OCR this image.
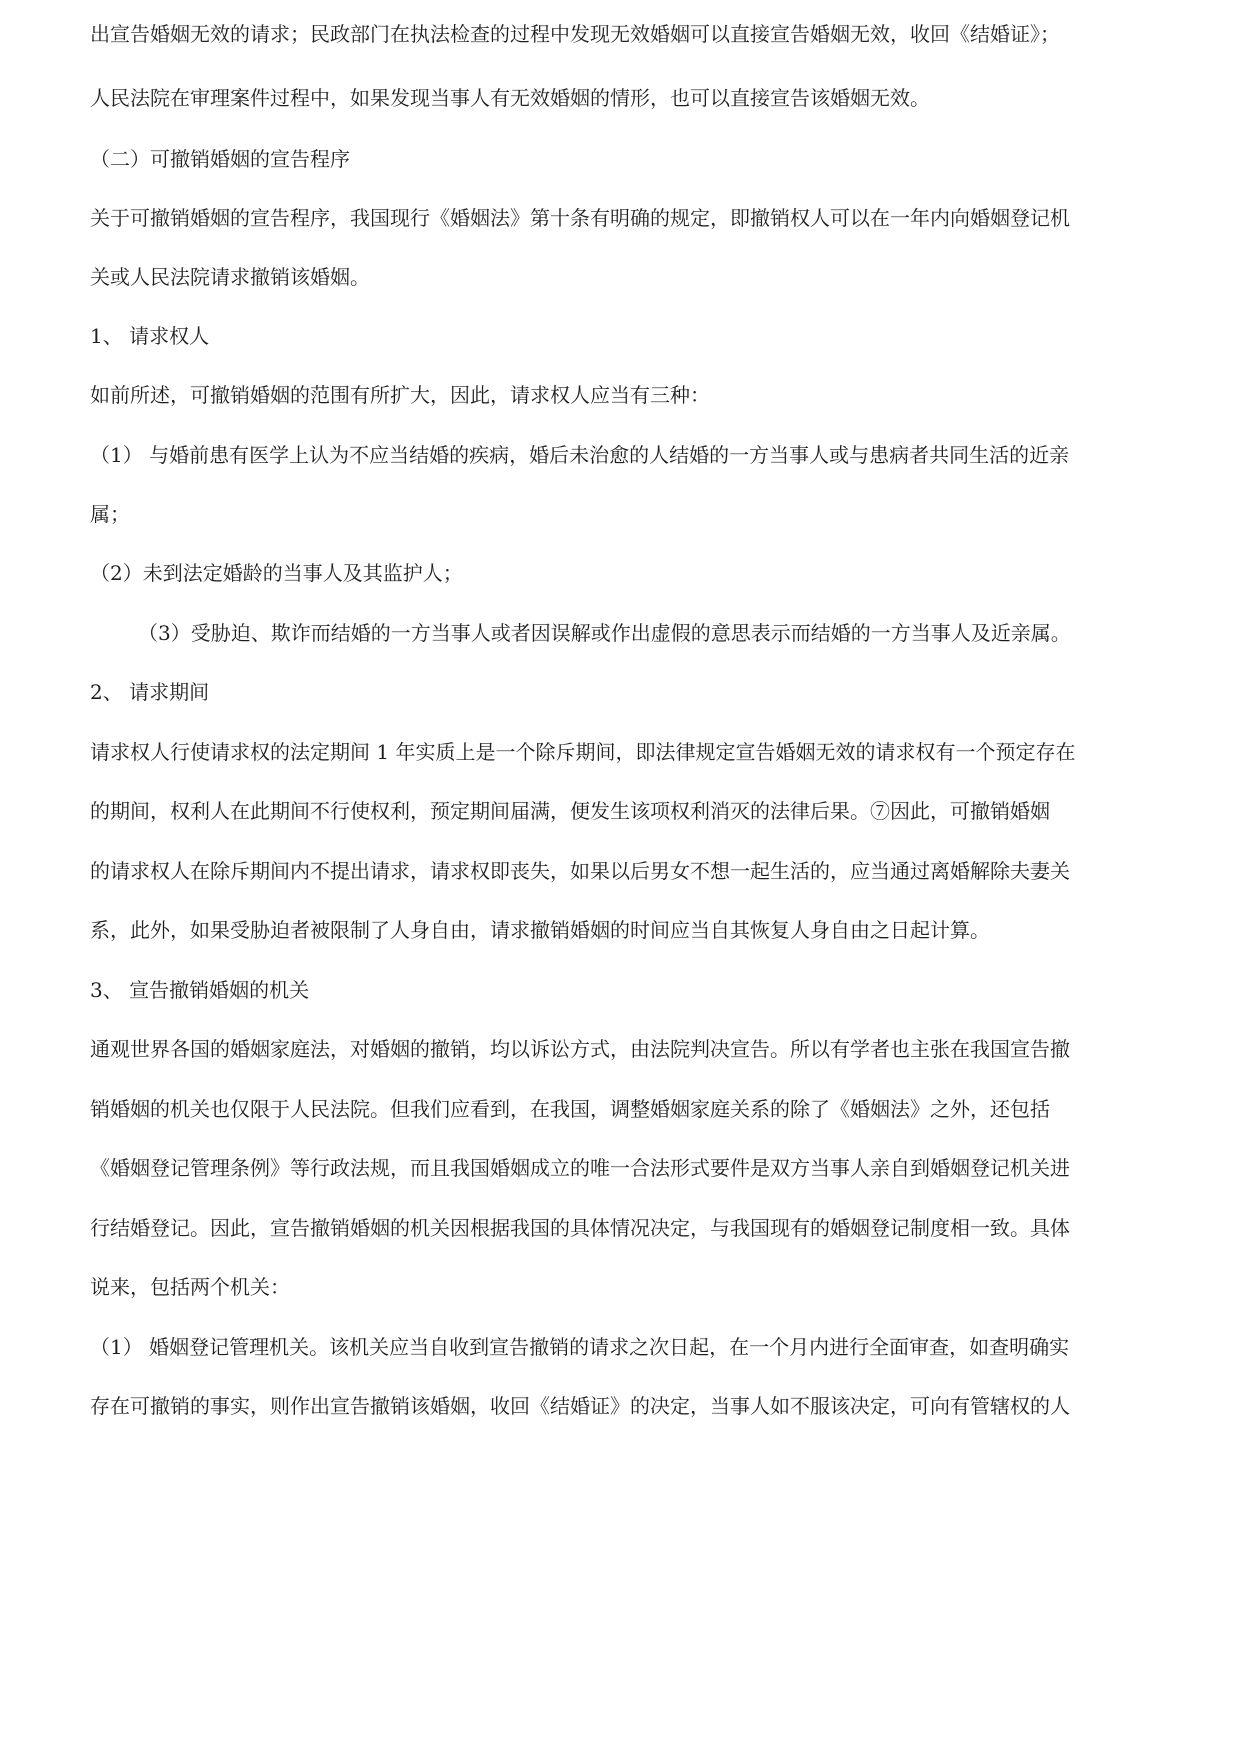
出宣告婚姻无效的请求；民政部门在执法检查的过程中发现无效婚姻可以直接宣告婚姻无效，收回《结婚证》；
人民法院在审理案件过程中，如果发现当事人有无效婚姻的情形，也可以直接宣告该婚姻无效。
（二）可撤销婚姻的宣告程序
关于可撤销婚姻的宣告程序，我国现行《婚姻法》第十条有明确的规定，即撤销权人可以在一年内向婚姻登记机
关或人民法院请求撤销该婚姻。
1、 请求权人
如前所述，可撤销婚姻的范围有所扩大，因此，请求权人应当有三种：
（1） 与婚前患有医学上认为不应当结婚的疾病，婚后未治愈的人结婚的一方当事人或与患病者共同生活的近亲
属；
（2）未到法定婚龄的当事人及其监护人；
（3）受胁迫、欺诈而结婚的一方当事人或者因误解或作出虚假的意思表示而结婚的一方当事人及近亲属。
2、 请求期间
请求权人行使请求权的法定期间 1 年实质上是一个除斥期间，即法律规定宣告婚姻无效的请求权有一个预定存在
的期间，权利人在此期间不行使权利，预定期间届满，便发生该项权利消灭的法律后果。⑦因此，可撤销婚姻
的请求权人在除斥期间内不提出请求，请求权即丧失，如果以后男女不想一起生活的，应当通过离婚解除夫妻关
系，此外，如果受胁迫者被限制了人身自由，请求撤销婚姻的时间应当自其恢复人身自由之日起计算。
3、 宣告撤销婚姻的机关
通观世界各国的婚姻家庭法，对婚姻的撤销，均以诉讼方式，由法院判决宣告。所以有学者也主张在我国宣告撤
销婚姻的机关也仅限于人民法院。但我们应看到，在我国，调整婚姻家庭关系的除了《婚姻法》之外，还包括
《婚姻登记管理条例》等行政法规，而且我国婚姻成立的唯一合法形式要件是双方当事人亲自到婚姻登记机关进
行结婚登记。因此，宣告撤销婚姻的机关因根据我国的具体情况决定，与我国现有的婚姻登记制度相一致。具体
说来，包括两个机关：
（1） 婚姻登记管理机关。该机关应当自收到宣告撤销的请求之次日起，在一个月内进行全面审查，如查明确实
存在可撤销的事实，则作出宣告撤销该婚姻，收回《结婚证》的决定，当事人如不服该决定，可向有管辖权的人
